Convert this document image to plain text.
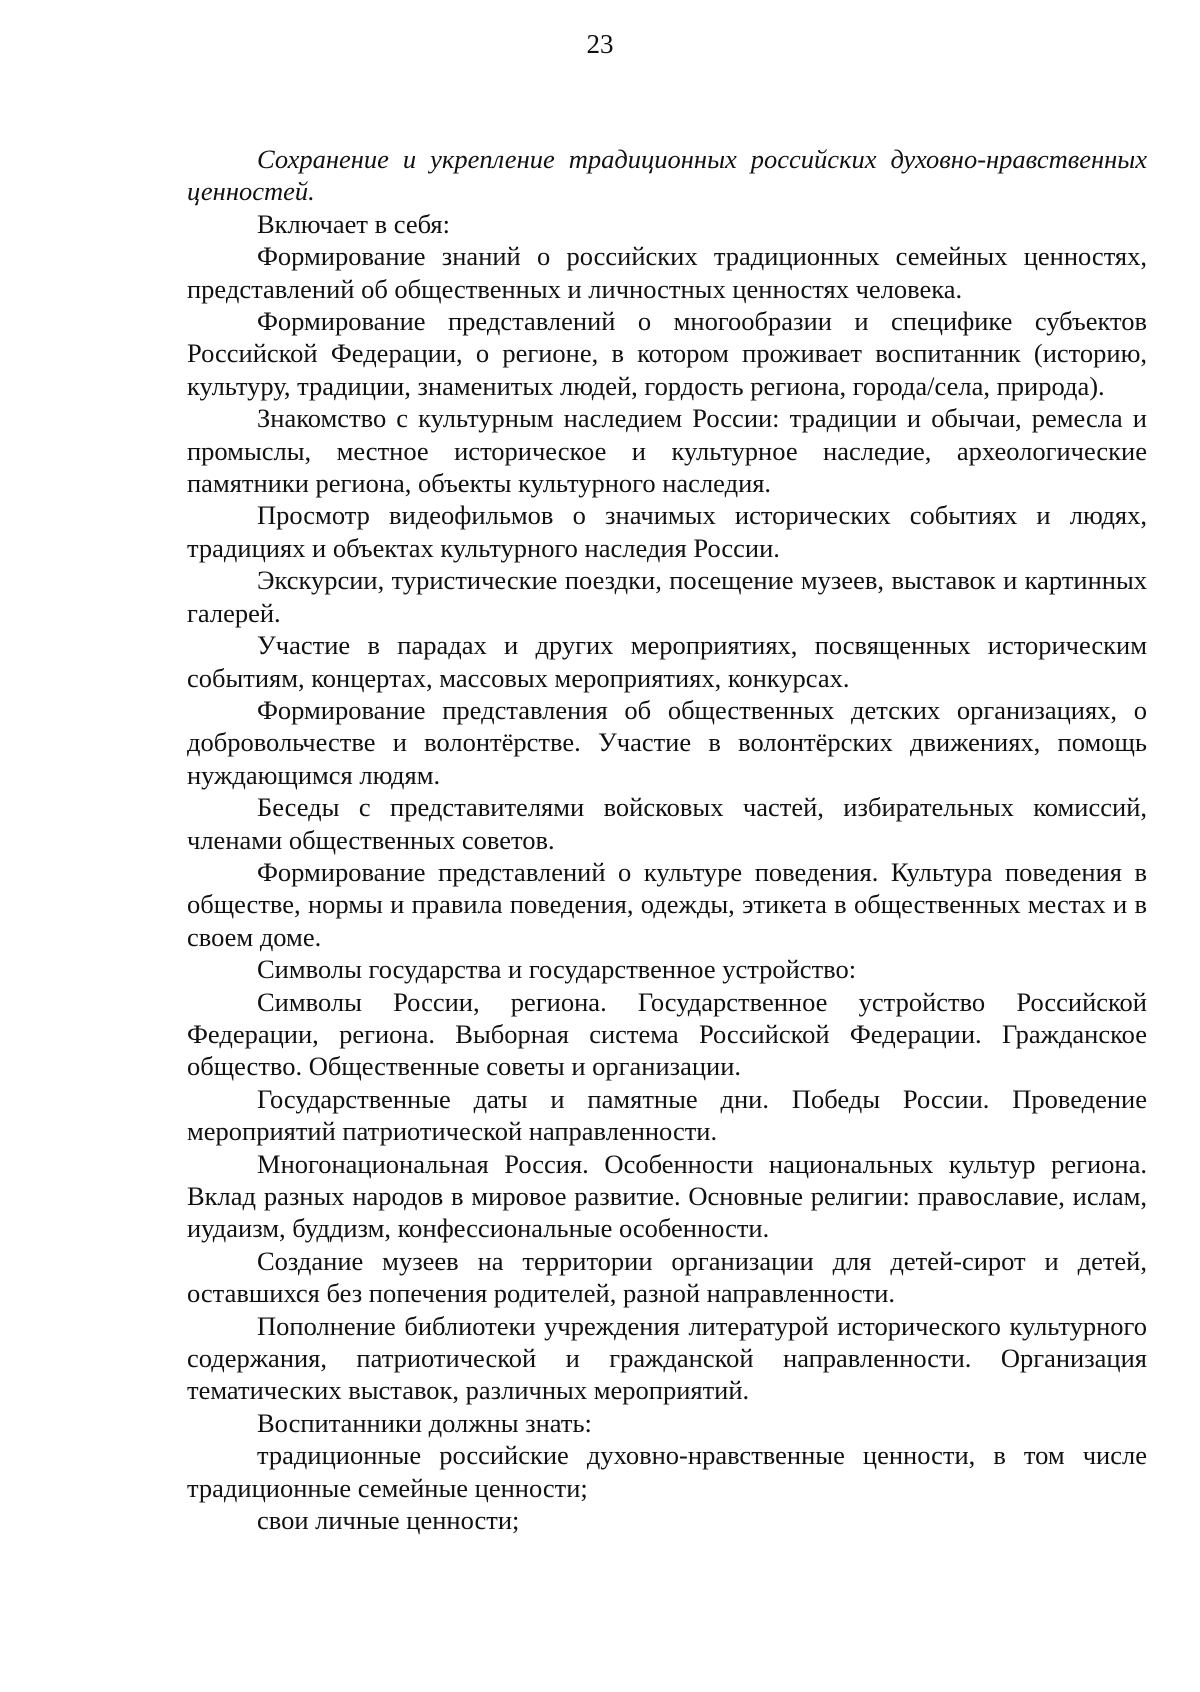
23

Сохранение и укрепление традиционных российских духовно-нравственных ценностей.

Включает в себя:

Формирование знаний о российских традиционных семейных ценностях, представлений об общественных и личностных ценностях человека.

Формирование представлений о многообразии и специфике субъектов Российской Федерации, о регионе, в котором проживает воспитанник (историю, культуру, традиции, знаменитых людей, гордость региона, города/села, природа).

Знакомство с культурным наследием России: традиции и обычаи, ремесла и промыслы, местное историческое и культурное наследие, археологические памятники региона, объекты культурного наследия.

Просмотр видеофильмов о значимых исторических событиях и людях, традициях и объектах культурного наследия России.

Экскурсии, туристические поездки, посещение музеев, выставок и картинных галерей.

Участие в парадах и других мероприятиях, посвященных историческим событиям, концертах, массовых мероприятиях, конкурсах.

Формирование представления об общественных детских организациях, о добровольчестве и волонтёрстве. Участие в волонтёрских движениях, помощь нуждающимся людям.

Беседы с представителями войсковых частей, избирательных комиссий, членами общественных советов.

Формирование представлений о культуре поведения. Культура поведения в обществе, нормы и правила поведения, одежды, этикета в общественных местах и в своем доме.

Символы государства и государственное устройство:

Символы России, региона. Государственное устройство Российской Федерации, региона. Выборная система Российской Федерации. Гражданское общество. Общественные советы и организации.

Государственные даты и памятные дни. Победы России. Проведение мероприятий патриотической направленности.

Многонациональная Россия. Особенности национальных культур региона. Вклад разных народов в мировое развитие. Основные религии: православие, ислам, иудаизм, буддизм, конфессиональные особенности.

Создание музеев на территории организации для детей-сирот и детей, оставшихся без попечения родителей, разной направленности.

Пополнение библиотеки учреждения литературой исторического культурного содержания, патриотической и гражданской направленности. Организация тематических выставок, различных мероприятий.

Воспитанники должны знать:

традиционные российские духовно-нравственные ценности, в том числе традиционные семейные ценности;

свои личные ценности;
